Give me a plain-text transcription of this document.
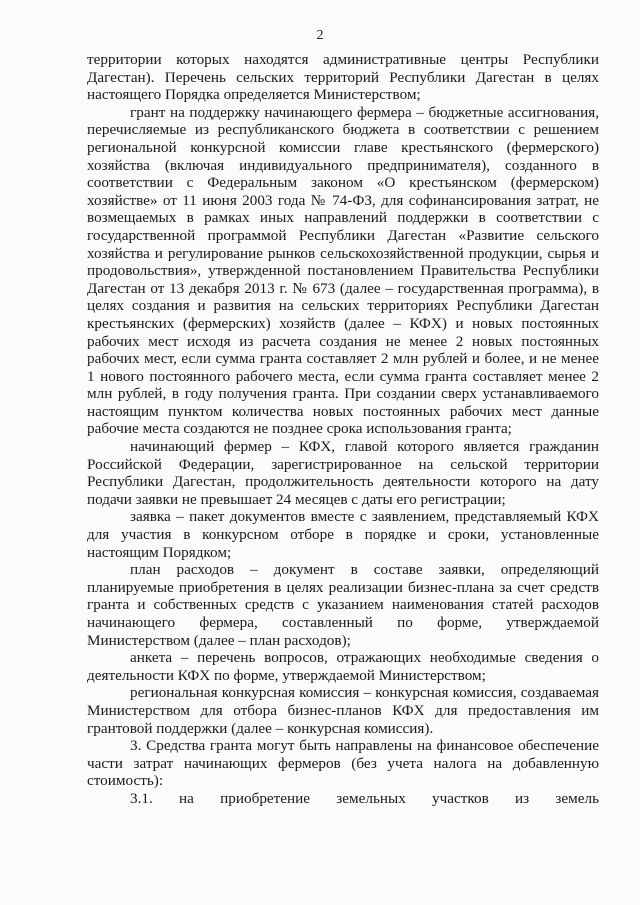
2

территории которых находятся административные центры Республики Дагестан). Перечень сельских территорий Республики Дагестан в целях настоящего Порядка определяется Министерством;

грант на поддержку начинающего фермера – бюджетные ассигнования, перечисляемые из республиканского бюджета в соответствии с решением региональной конкурсной комиссии главе крестьянского (фермерского) хозяйства (включая индивидуального предпринимателя), созданного в соответствии с Федеральным законом «О крестьянском (фермерском) хозяйстве» от 11 июня 2003 года № 74-ФЗ, для софинансирования затрат, не возмещаемых в рамках иных направлений поддержки в соответствии с государственной программой Республики Дагестан «Развитие сельского хозяйства и регулирование рынков сельскохозяйственной продукции, сырья и продовольствия», утвержденной постановлением Правительства Республики Дагестан от 13 декабря 2013 г. № 673 (далее – государственная программа), в целях создания и развития на сельских территориях Республики Дагестан крестьянских (фермерских) хозяйств (далее – КФХ) и новых постоянных рабочих мест исходя из расчета создания не менее 2 новых постоянных рабочих мест, если сумма гранта составляет 2 млн рублей и более, и не менее 1 нового постоянного рабочего места, если сумма гранта составляет менее 2 млн рублей, в году получения гранта. При создании сверх устанавливаемого настоящим пунктом количества новых постоянных рабочих мест данные рабочие места создаются не позднее срока использования гранта;

начинающий фермер – КФХ, главой которого является гражданин Российской Федерации, зарегистрированное на сельской территории Республики Дагестан, продолжительность деятельности которого на дату подачи заявки не превышает 24 месяцев с даты его регистрации;

заявка – пакет документов вместе с заявлением, представляемый КФХ для участия в конкурсном отборе в порядке и сроки, установленные настоящим Порядком;

план расходов – документ в составе заявки, определяющий планируемые приобретения в целях реализации бизнес-плана за счет средств гранта и собственных средств с указанием наименования статей расходов начинающего фермера, составленный по форме, утверждаемой Министерством (далее – план расходов);

анкета – перечень вопросов, отражающих необходимые сведения о деятельности КФХ по форме, утверждаемой Министерством;

региональная конкурсная комиссия – конкурсная комиссия, создаваемая Министерством для отбора бизнес-планов КФХ для предоставления им грантовой поддержки (далее – конкурсная комиссия).

3. Средства гранта могут быть направлены на финансовое обеспечение части затрат начинающих фермеров (без учета налога на добавленную стоимость):

3.1. на приобретение земельных участков из земель
